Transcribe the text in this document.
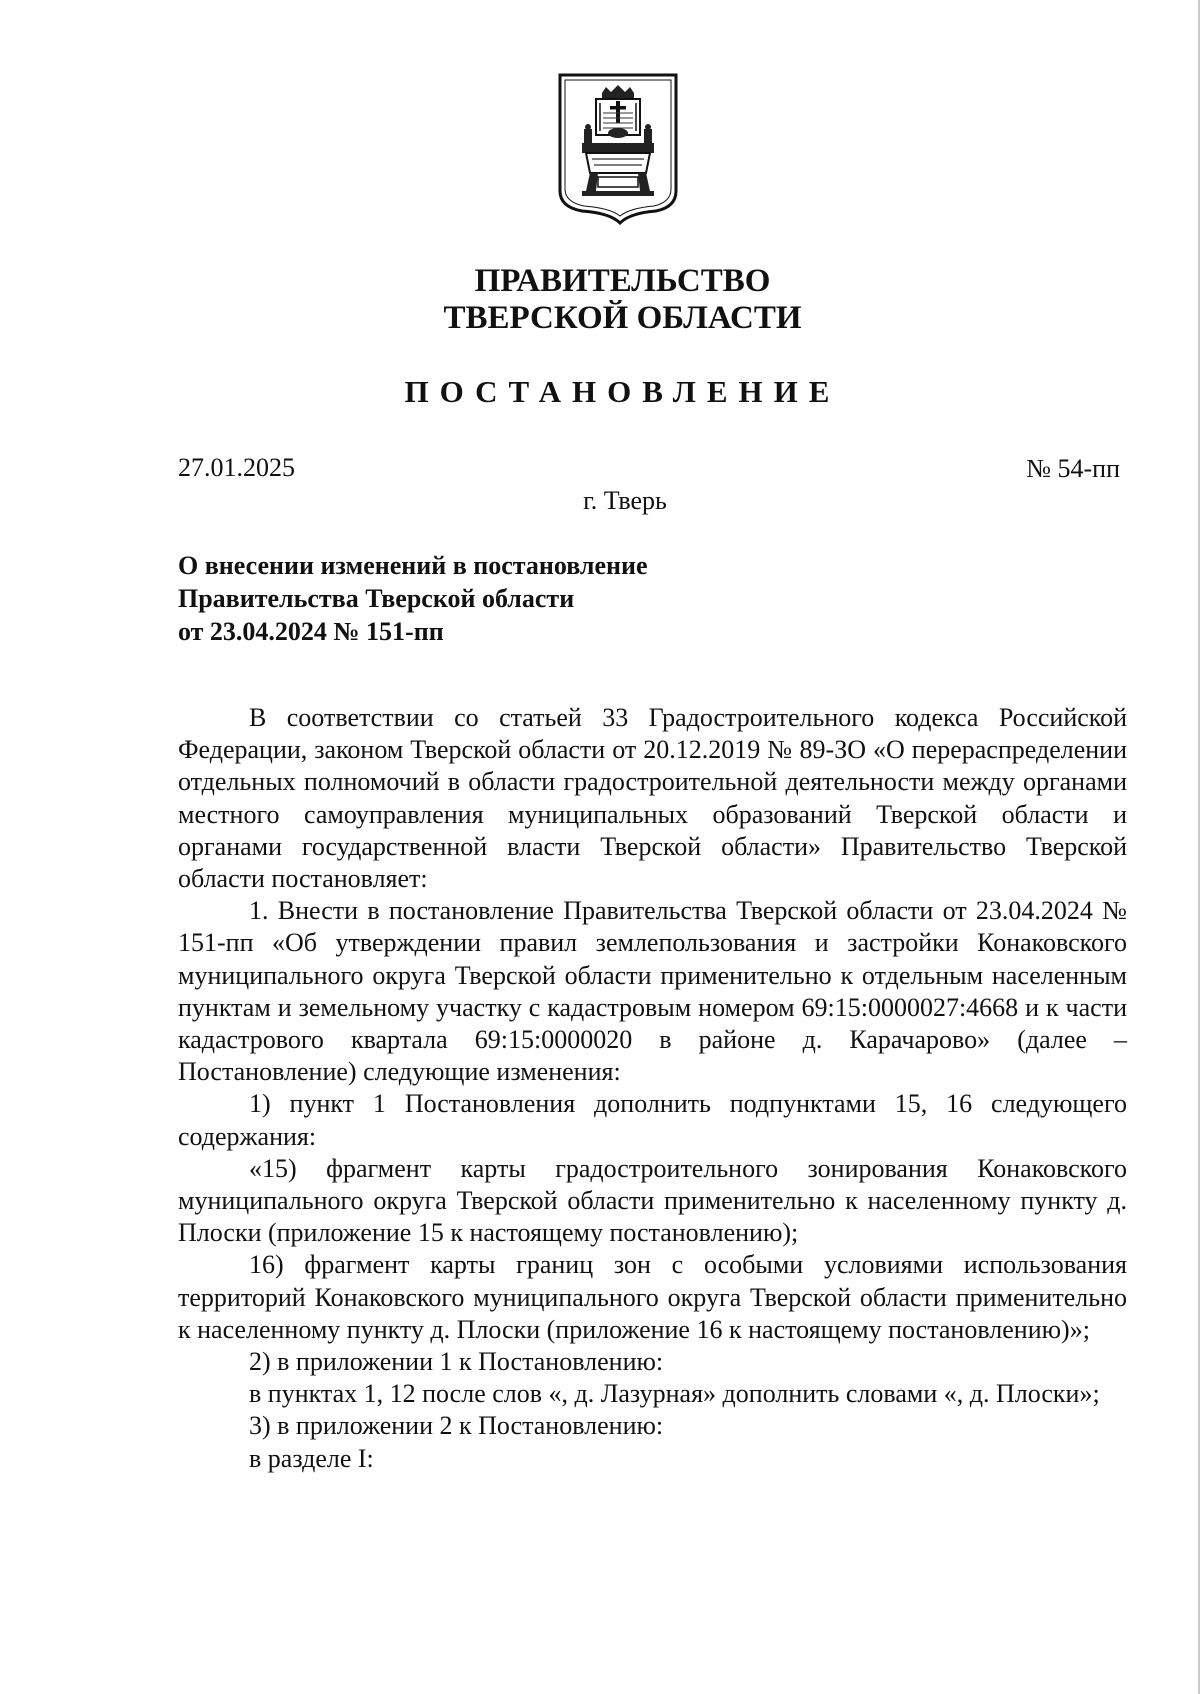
ПРАВИТЕЛЬСТВО
ТВЕРСКОЙ ОБЛАСТИ
ПОСТАНОВЛЕНИЕ
27.01.2025	№ 54-пп
г. Тверь
О внесении изменений в постановление
Правительства Тверской области
от 23.04.2024 № 151-пп

В соответствии со статьей 33 Градостроительного кодекса Российской Федерации, законом Тверской области от 20.12.2019 № 89-ЗО «О перераспределении отдельных полномочий в области градостроительной деятельности между органами местного самоуправления муниципальных образований Тверской области и органами государственной власти Тверской области» Правительство Тверской области постановляет:

1. Внести в постановление Правительства Тверской области от 23.04.2024 № 151-пп «Об утверждении правил землепользования и застройки Конаковского муниципального округа Тверской области применительно к отдельным населенным пунктам и земельному участку с кадастровым номером 69:15:0000027:4668 и к части кадастрового квартала 69:15:0000020 в районе д. Карачарово» (далее – Постановление) следующие изменения:

1) пункт 1 Постановления дополнить подпунктами 15, 16 следующего содержания:

«15) фрагмент карты градостроительного зонирования Конаковского муниципального округа Тверской области применительно к населенному пункту д. Плоски (приложение 15 к настоящему постановлению);

16) фрагмент карты границ зон с особыми условиями использования территорий Конаковского муниципального округа Тверской области применительно к населенному пункту д. Плоски (приложение 16 к настоящему постановлению)»;

2) в приложении 1 к Постановлению:

в пунктах 1, 12 после слов «, д. Лазурная» дополнить словами «, д. Плоски»;

3) в приложении 2 к Постановлению:

в разделе I:
